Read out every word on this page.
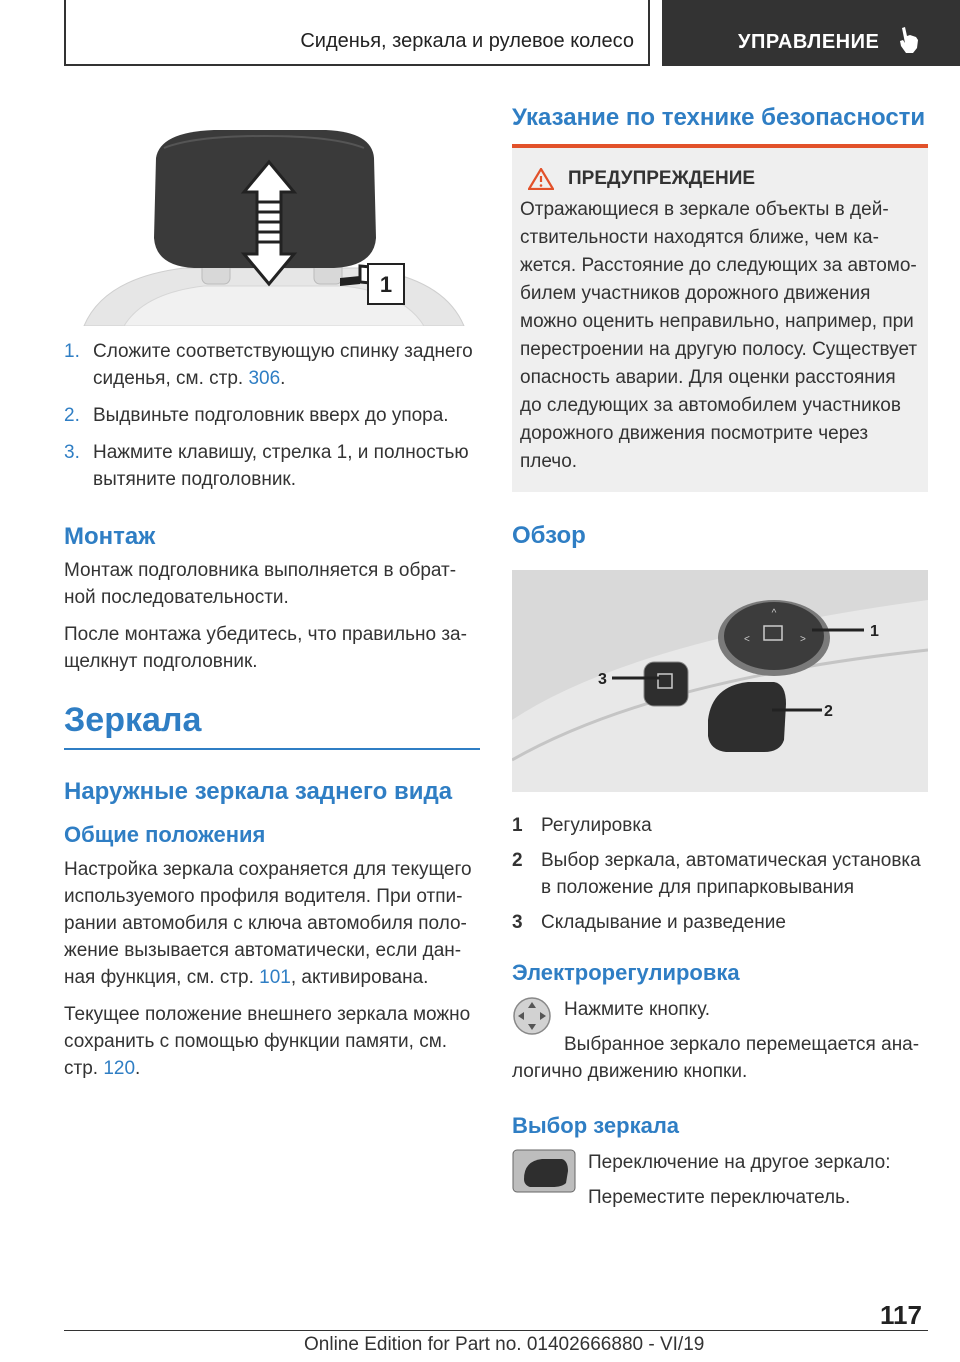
Сиденья, зеркала и рулевое колесо	УПРАВЛЕНИЕ
1
1. Сложите соответствующую спинку заднего сиденья, см. стр. 306.
2. Выдвиньте подголовник вверх до упора.
3. Нажмите клавишу, стрелка 1, и полностью вытяните подголовник.
Монтаж
Монтаж подголовника выполняется в обрат-ной последовательности.
После монтажа убедитесь, что правильно за-щелкнут подголовник.
Зеркала
Наружные зеркала заднего вида
Общие положения
Настройка зеркала сохраняется для текущего используемого профиля водителя. При отпи-рании автомобиля с ключа автомобиля поло-жение вызывается автоматически, если дан-ная функция, см. стр. 101, активирована.
Текущее положение внешнего зеркала можно сохранить с помощью функции памяти, см. стр. 120.
Указание по технике безопасности
ПРЕДУПРЕЖДЕНИЕ
Отражающиеся в зеркале объекты в дей-ствительности находятся ближе, чем ка-жется. Расстояние до следующих за автомо-билем участников дорожного движения можно оценить неправильно, например, при перестроении на другую полосу. Существует опасность аварии. Для оценки расстояния до следующих за автомобилем участников дорожного движения посмотрите через плечо.
Обзор
^
<	>	1
2
3
1 Регулировка
2 Выбор зеркала, автоматическая установка в положение для припарковывания
3 Складывание и разведение
Электрорегулировка
Нажмите кнопку.
Выбранное зеркало перемещается ана-логично движению кнопки.
Выбор зеркала
Переключение на другое зеркало:
Переместите переключатель.
117
Online Edition for Part no. 01402666880 - VI/19
